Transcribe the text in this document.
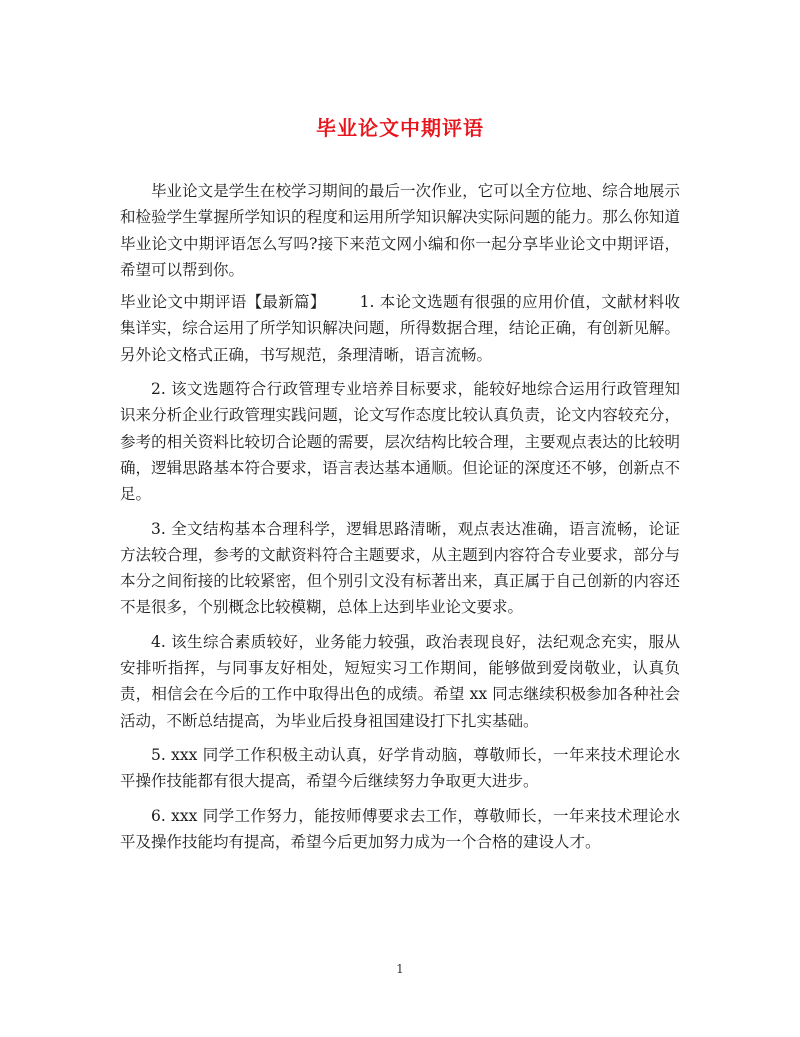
毕业论文中期评语

毕业论文是学生在校学习期间的最后一次作业，它可以全方位地、综合地展示和检验学生掌握所学知识的程度和运用所学知识解决实际问题的能力。那么你知道毕业论文中期评语怎么写吗?接下来范文网小编和你一起分享毕业论文中期评语，希望可以帮到你。

毕业论文中期评语【最新篇】 1. 本论文选题有很强的应用价值，文献材料收集详实，综合运用了所学知识解决问题，所得数据合理，结论正确，有创新见解。另外论文格式正确，书写规范，条理清晰，语言流畅。

2. 该文选题符合行政管理专业培养目标要求，能较好地综合运用行政管理知识来分析企业行政管理实践问题，论文写作态度比较认真负责，论文内容较充分，参考的相关资料比较切合论题的需要，层次结构比较合理，主要观点表达的比较明确，逻辑思路基本符合要求，语言表达基本通顺。但论证的深度还不够，创新点不足。

3. 全文结构基本合理科学，逻辑思路清晰，观点表达准确，语言流畅，论证方法较合理，参考的文献资料符合主题要求，从主题到内容符合专业要求，部分与本分之间衔接的比较紧密，但个别引文没有标著出来，真正属于自己创新的内容还不是很多，个别概念比较模糊，总体上达到毕业论文要求。

4. 该生综合素质较好，业务能力较强，政治表现良好，法纪观念充实，服从安排听指挥，与同事友好相处，短短实习工作期间，能够做到爱岗敬业，认真负责，相信会在今后的工作中取得出色的成绩。希望 xx 同志继续积极参加各种社会活动，不断总结提高，为毕业后投身祖国建设打下扎实基础。

5. xxx 同学工作积极主动认真，好学肯动脑，尊敬师长，一年来技术理论水平操作技能都有很大提高，希望今后继续努力争取更大进步。

6. xxx 同学工作努力，能按师傅要求去工作，尊敬师长，一年来技术理论水平及操作技能均有提高，希望今后更加努力成为一个合格的建设人才。

1
